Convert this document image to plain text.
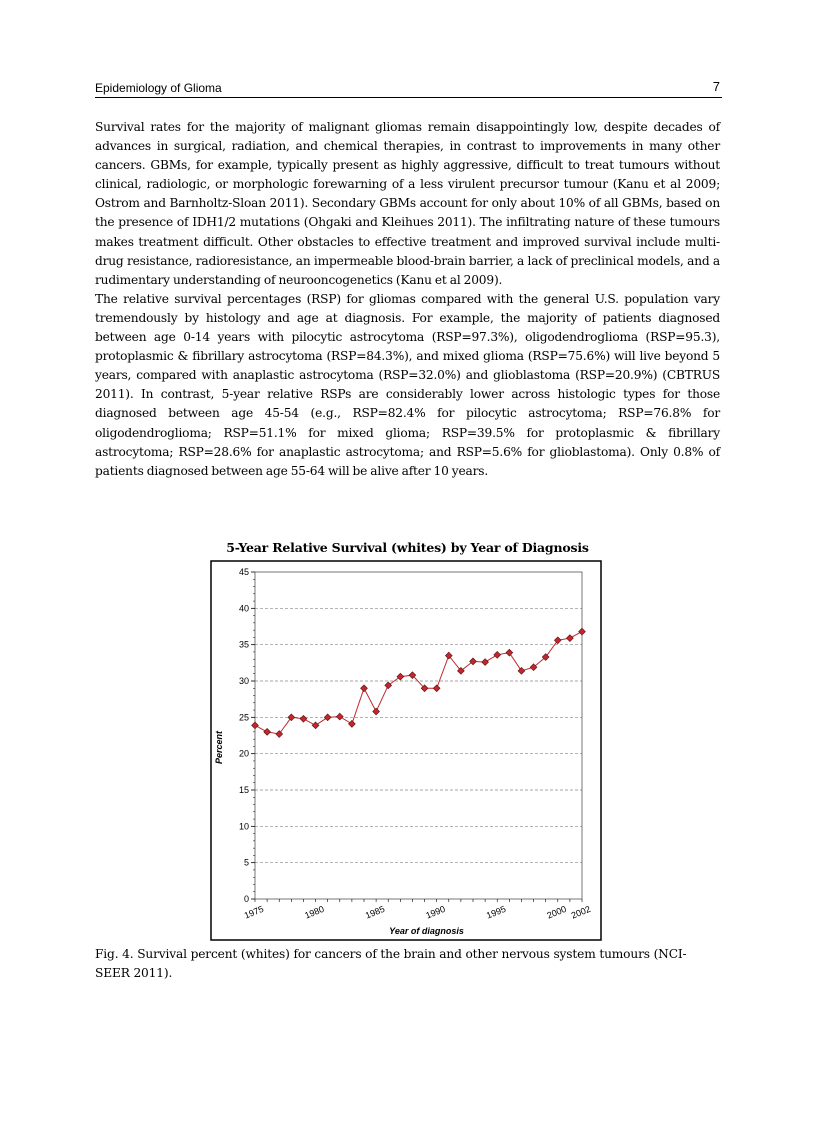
Epidemiology of Glioma	7

Survival rates for the majority of malignant gliomas remain disappointingly low, despite decades of advances in surgical, radiation, and chemical therapies, in contrast to improvements in many other cancers. GBMs, for example, typically present as highly aggressive, difficult to treat tumours without clinical, radiologic, or morphologic forewarning of a less virulent precursor tumour (Kanu et al 2009; Ostrom and Barnholtz-Sloan 2011). Secondary GBMs account for only about 10% of all GBMs, based on the presence of IDH1/2 mutations (Ohgaki and Kleihues 2011). The infiltrating nature of these tumours makes treatment difficult. Other obstacles to effective treatment and improved survival include multi-drug resistance, radioresistance, an impermeable blood-brain barrier, a lack of preclinical models, and a rudimentary understanding of neurooncogenetics (Kanu et al 2009).

The relative survival percentages (RSP) for gliomas compared with the general U.S. population vary tremendously by histology and age at diagnosis. For example, the majority of patients diagnosed between age 0-14 years with pilocytic astrocytoma (RSP=97.3%), oligodendroglioma (RSP=95.3), protoplasmic & fibrillary astrocytoma (RSP=84.3%), and mixed glioma (RSP=75.6%) will live beyond 5 years, compared with anaplastic astrocytoma (RSP=32.0%) and glioblastoma (RSP=20.9%) (CBTRUS 2011). In contrast, 5-year relative RSPs are considerably lower across histologic types for those diagnosed between age 45-54 (e.g., RSP=82.4% for pilocytic astrocytoma; RSP=76.8% for oligodendroglioma; RSP=51.1% for mixed glioma; RSP=39.5% for protoplasmic & fibrillary astrocytoma; RSP=28.6% for anaplastic astrocytoma; and RSP=5.6% for glioblastoma). Only 0.8% of patients diagnosed between age 55-64 will be alive after 10 years.

5-Year Relative Survival (whites) by Year of Diagnosis
0
5
10
15
20
25
30
35
40
45
1975	1980	1985	1990	1995	2000 2002
Percent
Year of diagnosis
Fig. 4. Survival percent (whites) for cancers of the brain and other nervous system tumours (NCI-SEER 2011).
